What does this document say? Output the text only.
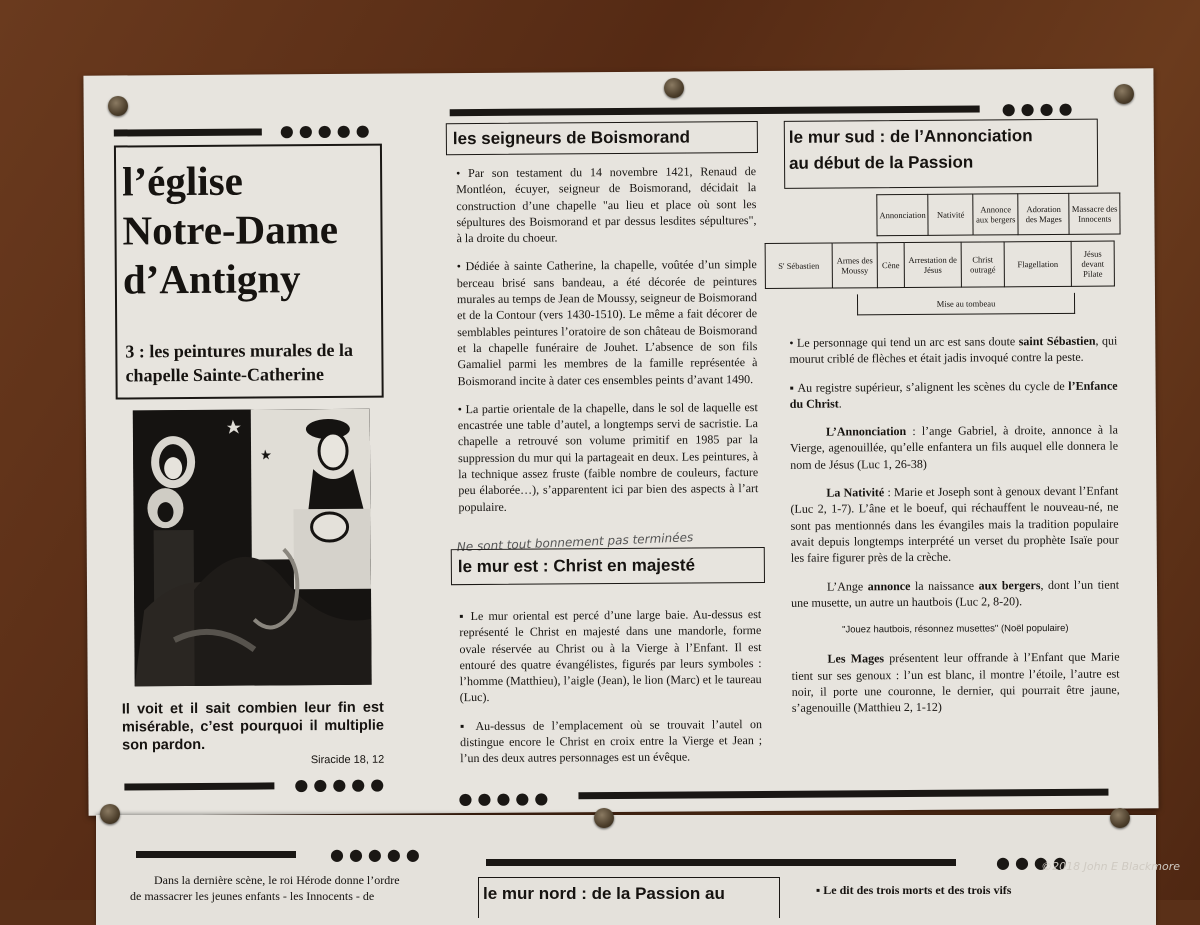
●●●●●
●●●●
l’église
Notre-Dame
d’Antigny
3 : les peintures murales de la chapelle Sainte-Catherine
Il voit et il sait combien leur fin est misérable, c’est pourquoi il multiplie son pardon.
Siracide 18, 12
●●●●●
●●●●●
les seigneurs de Boismorand

• Par son testament du 14 novembre 1421, Renaud de Montléon, écuyer, seigneur de Boismorand, décidait la construction d’une chapelle "au lieu et place où sont les sépultures des Boismorand et par dessus lesdites sépultures", à la droite du choeur.

• Dédiée à sainte Catherine, la chapelle, voûtée d’un simple berceau brisé sans bandeau, a été décorée de peintures murales au temps de Jean de Moussy, seigneur de Boismorand et de la Contour (vers 1430-1510). Le même a fait décorer de semblables peintures l’oratoire de son château de Boismorand et la chapelle funéraire de Jouhet. L’absence de son fils Gamaliel parmi les membres de la famille représentée à Boismorand incite à dater ces ensembles peints d’avant 1490.

• La partie orientale de la chapelle, dans le sol de laquelle est encastrée une table d’autel, a longtemps servi de sacristie. La chapelle a retrouvé son volume primitif en 1985 par la suppression du mur qui la partageait en deux. Les peintures, à la technique assez fruste (faible nombre de couleurs, facture peu élaborée…), s’apparentent ici par bien des aspects à l’art populaire.

Ne sont tout bonnement pas terminées
le mur est : Christ en majesté

▪ Le mur oriental est percé d’une large baie. Au-dessus est représenté le Christ en majesté dans une mandorle, forme ovale réservée au Christ ou à la Vierge à l’Enfant. Il est entouré des quatre évangélistes, figurés par leurs symboles : l’homme (Matthieu), l’aigle (Jean), le lion (Marc) et le taureau (Luc).

▪ Au-dessus de l’emplacement où se trouvait l’autel on distingue encore le Christ en croix entre la Vierge et Jean ; l’un des deux autres personnages est un évêque.

le mur sud : de l’Annonciation
au début de la Passion
Annonciation	Nativité	Annonce aux bergers	Adoration des Mages	Massacre des Innocents
S' Sébastien	Armes des Moussy	Cène	Arrestation de Jésus	Christ outragé	Flagellation	Jésus devant Pilate
Mise au tombeau

• Le personnage qui tend un arc est sans doute saint Sébastien, qui mourut criblé de flèches et était jadis invoqué contre la peste.

▪ Au registre supérieur, s’alignent les scènes du cycle de l’Enfance du Christ.

L’Annonciation : l’ange Gabriel, à droite, annonce à la Vierge, agenouillée, qu’elle enfantera un fils auquel elle donnera le nom de Jésus (Luc 1, 26-38)

La Nativité : Marie et Joseph sont à genoux devant l’Enfant (Luc 2, 1-7). L’âne et le boeuf, qui réchauffent le nouveau-né, ne sont pas mentionnés dans les évangiles mais la tradition populaire avait depuis longtemps interprété un verset du prophète Isaïe pour les faire figurer près de la crèche.

L’Ange annonce la naissance aux bergers, dont l’un tient une musette, un autre un hautbois (Luc 2, 8-20).

"Jouez hautbois, résonnez musettes" (Noël populaire)

Les Mages présentent leur offrande à l’Enfant que Marie tient sur ses genoux : l’un est blanc, il montre l’étoile, l’autre est noir, il porte une couronne, le dernier, qui pourrait être jaune, s’agenouille (Matthieu 2, 1-12)

●●●●●	●●●●
Dans la dernière scène, le roi Hérode donne l’ordre
de massacrer les jeunes enfants - les Innocents - de	le mur nord : de la Passion au	▪ Le dit des trois morts et des trois vifs
©2018 John E Blackmore
